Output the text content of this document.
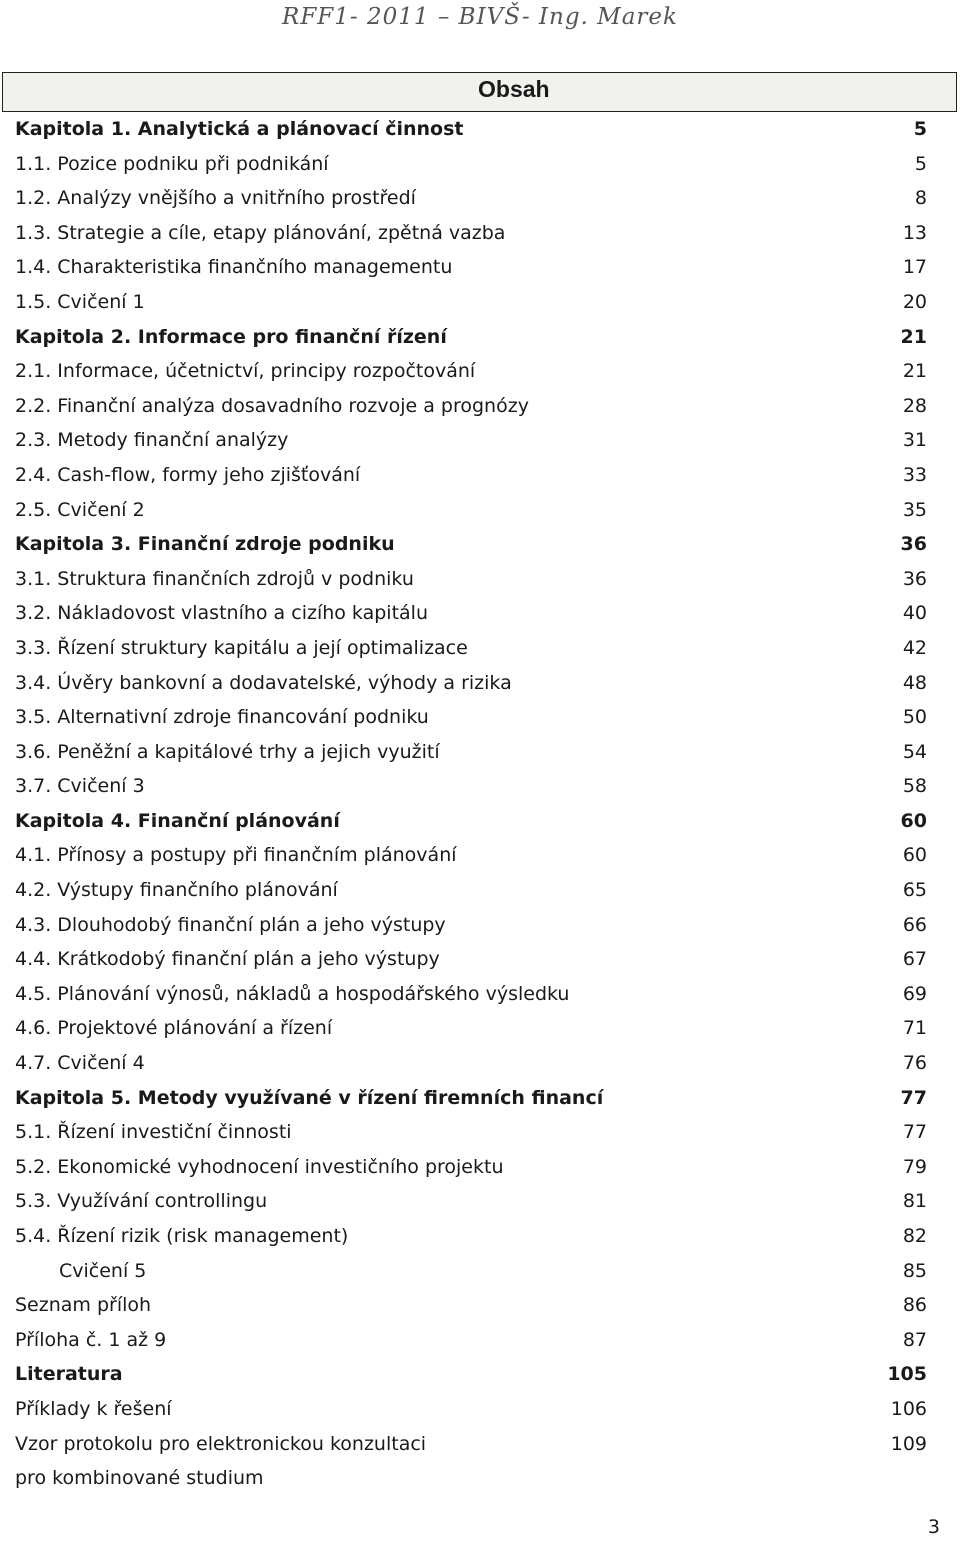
RFF1- 2011 – BIVŠ- Ing. Marek
Obsah
Kapitola 1. Analytická a plánovací činnost	5
1.1. Pozice podniku při podnikání	5
1.2. Analýzy vnějšího a vnitřního prostředí	8
1.3. Strategie a cíle, etapy plánování, zpětná vazba	13
1.4. Charakteristika finančního managementu	17
1.5. Cvičení 1	20
Kapitola 2. Informace pro finanční řízení	21
2.1. Informace, účetnictví, principy rozpočtování	21
2.2. Finanční analýza dosavadního rozvoje a prognózy	28
2.3. Metody finanční analýzy	31
2.4. Cash-flow, formy jeho zjišťování	33
2.5. Cvičení 2	35
Kapitola 3. Finanční zdroje podniku	36
3.1. Struktura finančních zdrojů v podniku	36
3.2. Nákladovost vlastního a cizího kapitálu	40
3.3. Řízení struktury kapitálu a její optimalizace	42
3.4. Úvěry bankovní a dodavatelské, výhody a rizika	48
3.5. Alternativní zdroje financování podniku	50
3.6. Peněžní a kapitálové trhy a jejich využití	54
3.7. Cvičení 3	58
Kapitola 4. Finanční plánování	60
4.1. Přínosy a postupy při finančním plánování	60
4.2. Výstupy finančního plánování	65
4.3. Dlouhodobý finanční plán a jeho výstupy	66
4.4. Krátkodobý finanční plán a jeho výstupy	67
4.5. Plánování výnosů, nákladů a hospodářského výsledku	69
4.6. Projektové plánování a řízení	71
4.7. Cvičení 4	76
Kapitola 5. Metody využívané v řízení firemních financí	77
5.1. Řízení investiční činnosti	77
5.2. Ekonomické vyhodnocení investičního projektu	79
5.3. Využívání controllingu	81
5.4. Řízení rizik (risk management)	82
Cvičení 5	85
Seznam příloh	86
Příloha č. 1 až 9	87
Literatura	105
Příklady k řešení	106
Vzor protokolu pro elektronickou konzultaci	109
pro kombinované studium
3
